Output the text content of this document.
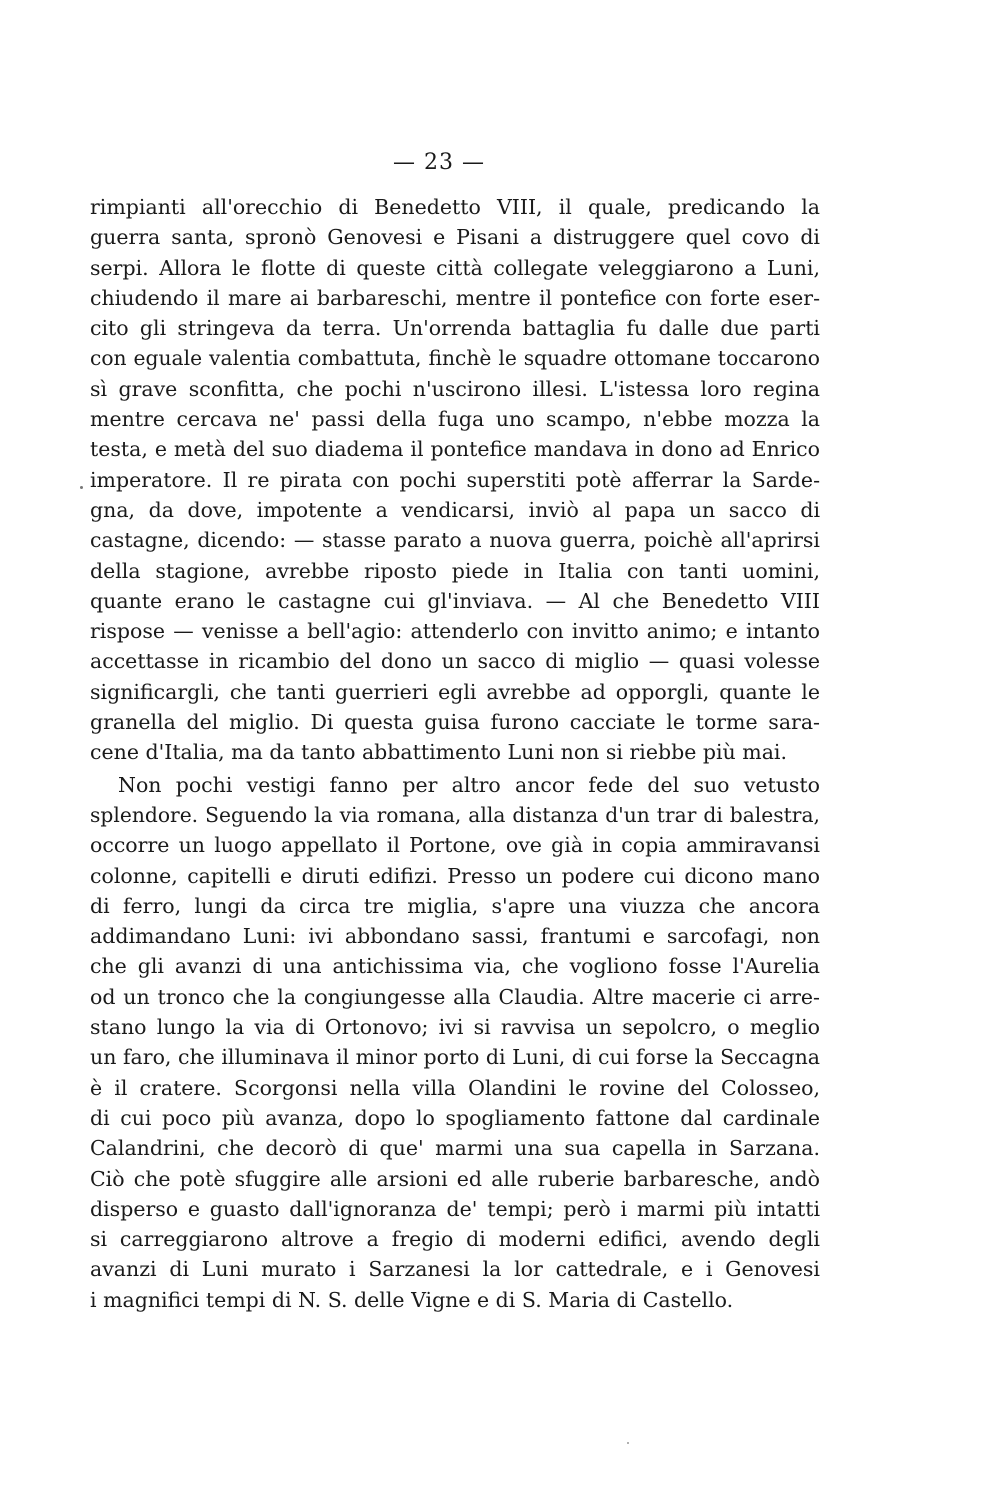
— 23 —
rimpianti all'orecchio di Benedetto VIII, il quale, predicando la
guerra santa, spronò Genovesi e Pisani a distruggere quel covo di
serpi. Allora le flotte di queste città collegate veleggiarono a Luni,
chiudendo il mare ai barbareschi, mentre il pontefice con forte eser-
cito gli stringeva da terra. Un'orrenda battaglia fu dalle due parti
con eguale valentia combattuta, finchè le squadre ottomane toccarono
sì grave sconfitta, che pochi n'uscirono illesi. L'istessa loro regina
mentre cercava ne' passi della fuga uno scampo, n'ebbe mozza la
testa, e metà del suo diadema il pontefice mandava in dono ad Enrico
imperatore. Il re pirata con pochi superstiti potè afferrar la Sarde-
gna, da dove, impotente a vendicarsi, inviò al papa un sacco di
castagne, dicendo: — stasse parato a nuova guerra, poichè all'aprirsi
della stagione, avrebbe riposto piede in Italia con tanti uomini,
quante erano le castagne cui gl'inviava. — Al che Benedetto VIII
rispose — venisse a bell'agio: attenderlo con invitto animo; e intanto
accettasse in ricambio del dono un sacco di miglio — quasi volesse
significargli, che tanti guerrieri egli avrebbe ad opporgli, quante le
granella del miglio. Di questa guisa furono cacciate le torme sara-
cene d'Italia, ma da tanto abbattimento Luni non si riebbe più mai.
Non pochi vestigi fanno per altro ancor fede del suo vetusto
splendore. Seguendo la via romana, alla distanza d'un trar di balestra,
occorre un luogo appellato il Portone, ove già in copia ammiravansi
colonne, capitelli e diruti edifizi. Presso un podere cui dicono mano
di ferro, lungi da circa tre miglia, s'apre una viuzza che ancora
addimandano Luni: ivi abbondano sassi, frantumi e sarcofagi, non
che gli avanzi di una antichissima via, che vogliono fosse l'Aurelia
od un tronco che la congiungesse alla Claudia. Altre macerie ci arre-
stano lungo la via di Ortonovo; ivi si ravvisa un sepolcro, o meglio
un faro, che illuminava il minor porto di Luni, di cui forse la Seccagna
è il cratere. Scorgonsi nella villa Olandini le rovine del Colosseo,
di cui poco più avanza, dopo lo spogliamento fattone dal cardinale
Calandrini, che decorò di que' marmi una sua capella in Sarzana.
Ciò che potè sfuggire alle arsioni ed alle ruberie barbaresche, andò
disperso e guasto dall'ignoranza de' tempi; però i marmi più intatti
si carreggiarono altrove a fregio di moderni edifici, avendo degli
avanzi di Luni murato i Sarzanesi la lor cattedrale, e i Genovesi
i magnifici tempi di N. S. delle Vigne e di S. Maria di Castello.
